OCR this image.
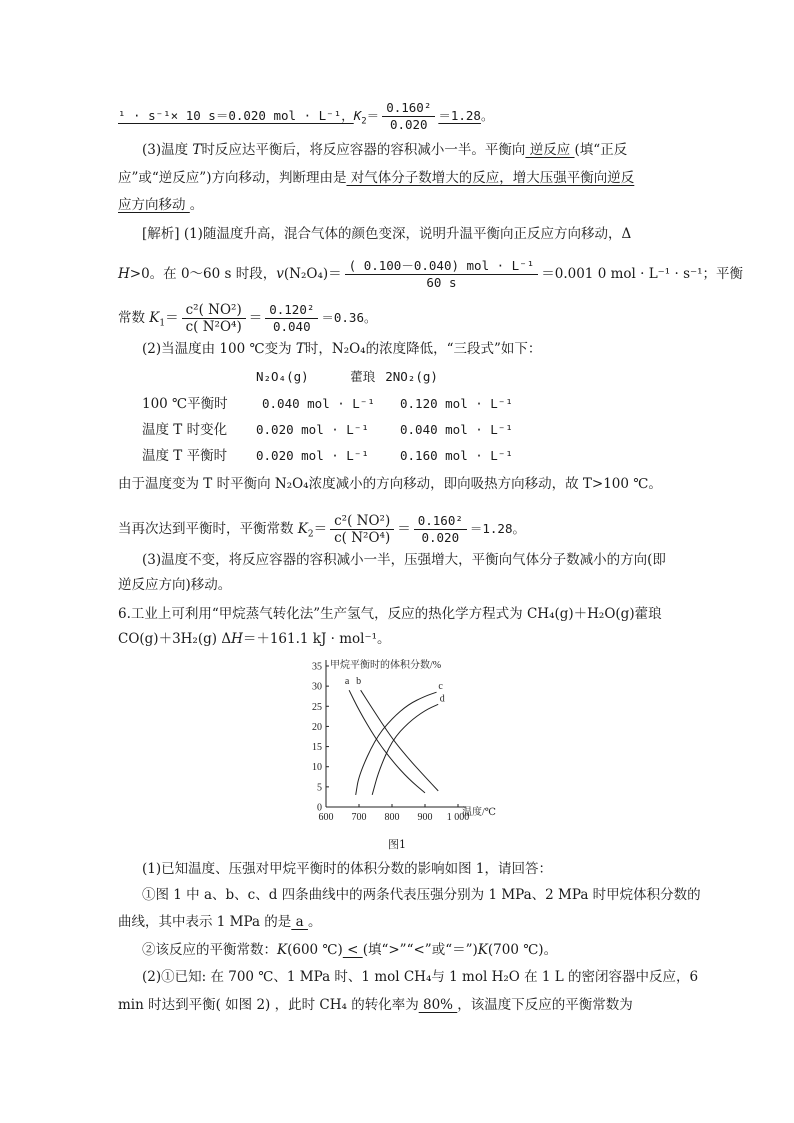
¹ · s⁻¹× 10 s＝0.020 mol · L⁻¹，$K_2= \frac{\text{0.160²}}{0.020} =1.28$。
(3)温度 T时反应达平衡后，将反应容器的容积减小一半。平衡向 逆反应 (填“正反
应”或“逆反应”)方向移动，判断理由是 对气体分子数增大的反应，增大压强平衡向逆反
应方向移动 。
[解析] (1)随温度升高，混合气体的颜色变深，说明升温平衡向正反应方向移动，Δ
H>0。在 0～60 s 时段，$v(N_2O_4)= \frac{\text{( 0.100－0.040) mol · L⁻¹}}{60 s} =0.001$ 0 mol · L⁻¹ · s⁻¹；平衡
常数 $K_1= \frac{\text{c²( NO²)}}{\text{c( N²O⁴)}} = \frac{\text{0.120²}}{0.040} =0.36$。
(2)当温度由 100 ℃变为 T时，N₂O₄的浓度降低，“三段式”如下：
N₂O₄(g)	藿琅 2NO₂(g)
100 ℃平衡时	0.040 mol · L⁻¹ 0.120 mol · L⁻¹
温度 T 时变化 0.020 mol · L⁻¹ 0.040 mol · L⁻¹
温度 T 平衡时 0.020 mol · L⁻¹ 0.160 mol · L⁻¹
由于温度变为 T 时平衡向 N₂O₄浓度减小的方向移动，即向吸热方向移动，故 T>100 ℃。
当再次达到平衡时，平衡常数 $K_2= \frac{\text{c²( NO²)}}{\text{c( N²O⁴)}} = \frac{\text{0.160²}}{0.020} =1.28$。
(3)温度不变，将反应容器的容积减小一半，压强增大，平衡向气体分子数减小的方向(即
逆反应方向)移动。
6.工业上可利用“甲烷蒸气转化法”生产氢气，反应的热化学方程式为 CH₄(g)＋H₂O(g)藿琅
CO(g)＋3H₂(g) ΔH＝＋161.1 kJ · mol⁻¹。
0
5
10
15
20
25
30
35
600 700 800 900 1 000
甲烷平衡时的体积分数/%
温度/℃
a b	c
d
图1
(1)已知温度、压强对甲烷平衡时的体积分数的影响如图 1，请回答：
①图 1 中 a、b、c、d 四条曲线中的两条代表压强分别为 1 MPa、2 MPa 时甲烷体积分数的
曲线，其中表示 1 MPa 的是 a 。
②该反应的平衡常数：K(600 ℃) < (填“>”“<”或“＝”)K(700 ℃)。
(2)①已知: 在 700 ℃、1 MPa 时、1 mol CH₄与 1 mol H₂O 在 1 L 的密闭容器中反应，6
min 时达到平衡( 如图 2) ，此时 CH₄ 的转化率为 80% ，该温度下反应的平衡常数为
